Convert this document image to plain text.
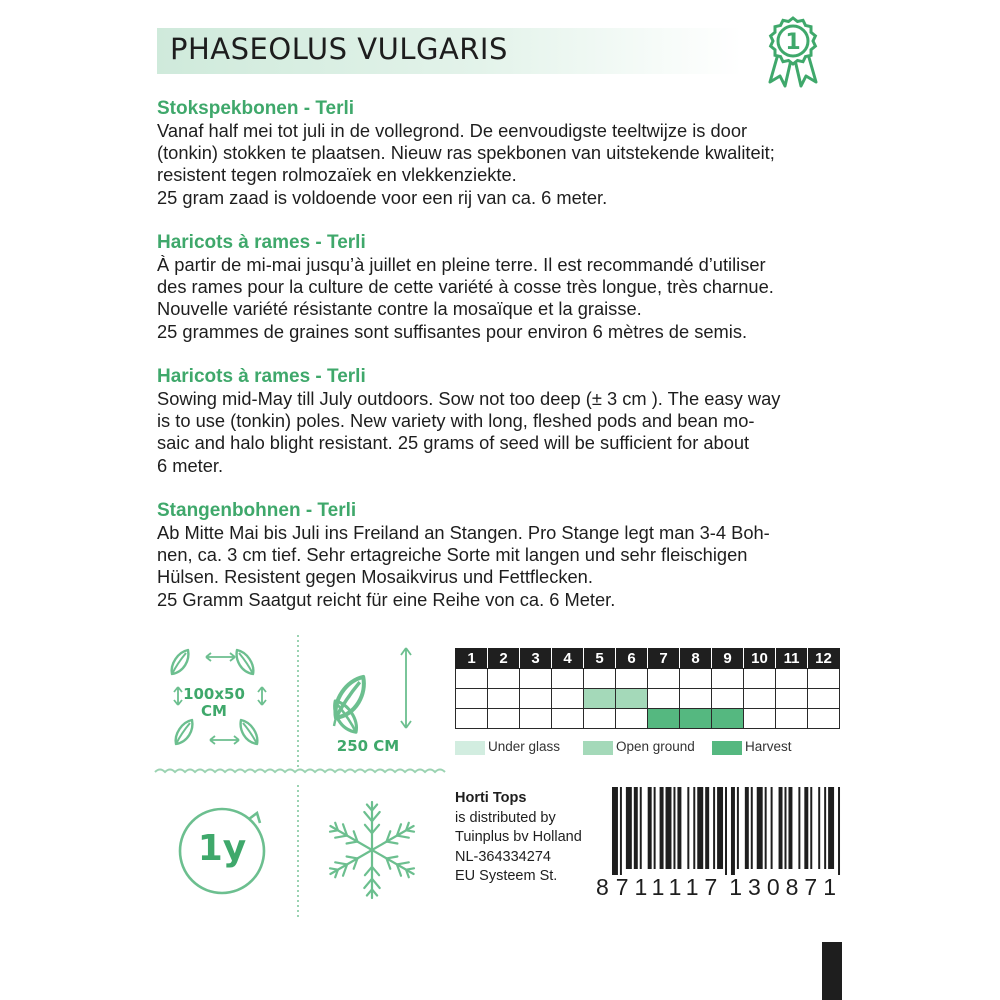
PHASEOLUS VULGARIS	1
Stokspekbonen - Terli
Vanaf half mei tot juli in de vollegrond. De eenvoudigste teeltwijze is door
(tonkin) stokken te plaatsen. Nieuw ras spekbonen van uitstekende kwaliteit;
resistent tegen rolmozaïek en vlekkenziekte.
25 gram zaad is voldoende voor een rij van ca. 6 meter.
Haricots à rames - Terli
À partir de mi-mai jusqu’à juillet en pleine terre. Il est recommandé d’utiliser
des rames pour la culture de cette variété à cosse très longue, très charnue.
Nouvelle variété résistante contre la mosaïque et la graisse.
25 grammes de graines sont suffisantes pour environ 6 mètres de semis.
Haricots à rames - Terli
Sowing mid-May till July outdoors. Sow not too deep (± 3 cm ). The easy way
is to use (tonkin) poles. New variety with long, fleshed pods and bean mo-
saic and halo blight resistant. 25 grams of seed will be sufficient for about
6 meter.
Stangenbohnen - Terli
Ab Mitte Mai bis Juli ins Freiland an Stangen. Pro Stange legt man 3-4 Boh-
nen, ca. 3 cm tief. Sehr ertagreiche Sorte mit langen und sehr fleischigen
Hülsen. Resistent gegen Mosaikvirus und Fettflecken.
25 Gramm Saatgut reicht für eine Reihe von ca. 6 Meter.
100x50
CM
250 CM
1y
1	2	3	4	5	6	7	8	9	10	11	12

Under glass	Open ground	Harvest
Horti Tops
is distributed by
Tuinplus bv Holland
NL-364334274
EU Systeem St.	8 711117 130871
